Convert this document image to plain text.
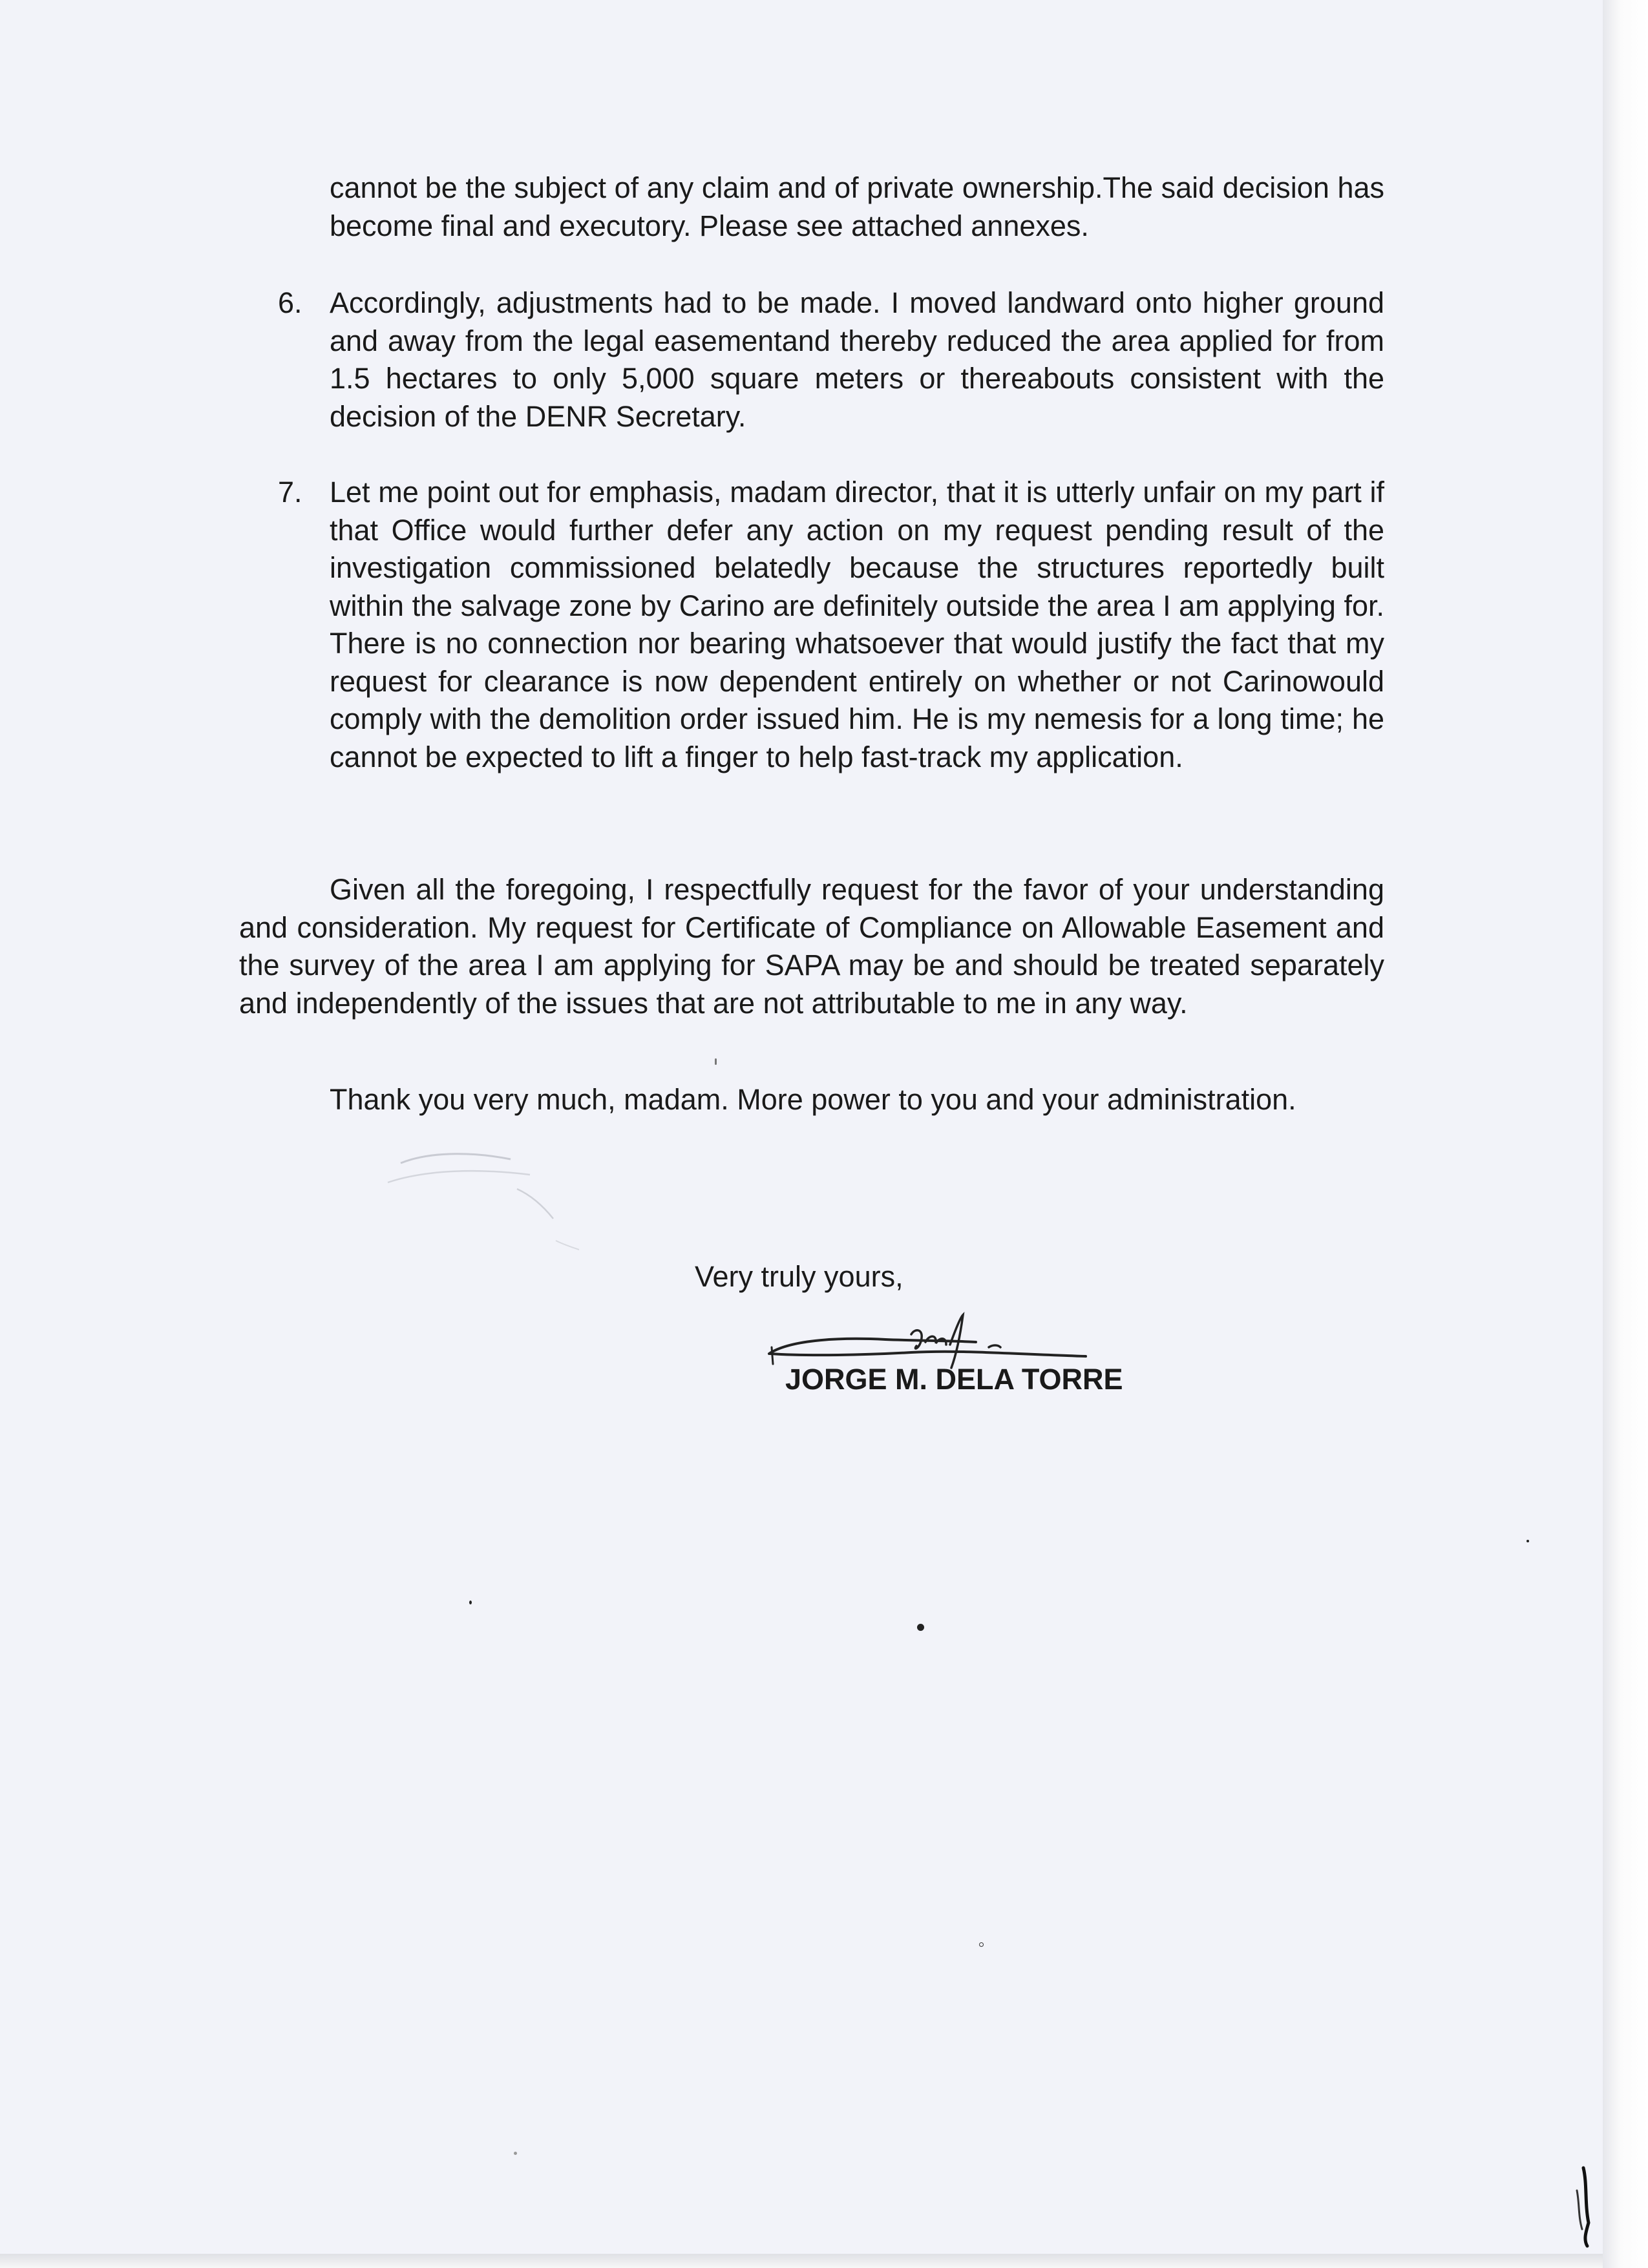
cannot be the subject of any claim and of private ownership.The said decision has become final and executory. Please see attached annexes.

6. Accordingly, adjustments had to be made. I moved landward onto higher ground and away from the legal easementand thereby reduced the area applied for from 1.5 hectares to only 5,000 square meters or thereabouts consistent with the decision of the DENR Secretary.

7. Let me point out for emphasis, madam director, that it is utterly unfair on my part if that Office would further defer any action on my request pending result of the investigation commissioned belatedly because the structures reportedly built within the salvage zone by Carino are definitely outside the area I am applying for. There is no connection nor bearing whatsoever that would justify the fact that my request for clearance is now dependent entirely on whether or not Carinowould comply with the demolition order issued him. He is my nemesis for a long time; he cannot be expected to lift a finger to help fast-track my application.

Given all the foregoing, I respectfully request for the favor of your understanding and consideration. My request for Certificate of Compliance on Allowable Easement and the survey of the area I am applying for SAPA may be and should be treated separately and independently of the issues that are not attributable to me in any way.

Thank you very much, madam. More power to you and your administration.

Very truly yours,
JORGE M. DELA TORRE
